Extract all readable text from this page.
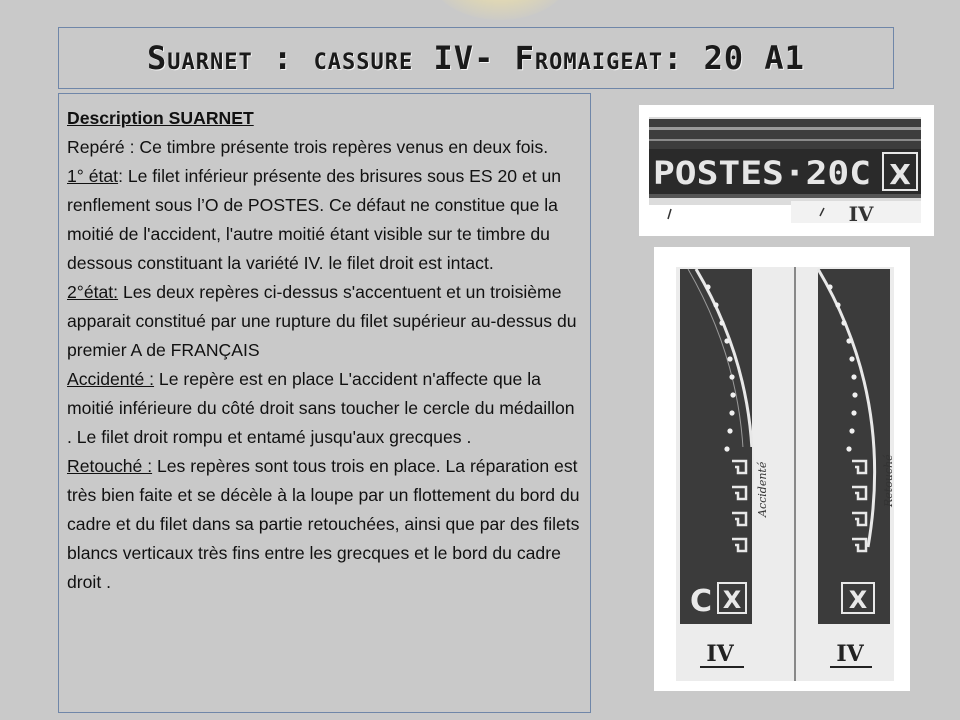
Suarnet : cassure IV- Fromaigeat: 20 A1

Description SUARNET

Repéré : Ce timbre présente trois repères venus en deux fois.

1° état: Le filet inférieur présente des brisures sous ES 20 et un renflement sous l’O de POSTES. Ce défaut ne constitue que la moitié de l'accident, l'autre moitié étant visible sur te timbre du dessous constituant la variété IV. le filet droit est intact.

2°état: Les deux repères ci-dessus s'accentuent et un troisième apparait constitué par une rupture du filet supérieur au-dessus du premier A de FRANÇAIS

Accidenté : Le repère est en place L'accident n'affecte que la moitié inférieure du côté droit sans toucher le cercle du médaillon . Le filet droit rompu et entamé jusqu'aux grecques .

Retouché : Les repères sont tous trois en place. La réparation est très bien faite et se décèle à la loupe par un flottement du bord du cadre et du filet dans sa partie retouchées, ainsi que par des filets blancs verticaux très fins entre les grecques et le bord du cadre droit .

POSTES·20C X
IV
C X
Accidenté
IV
X
Retouché
IV
